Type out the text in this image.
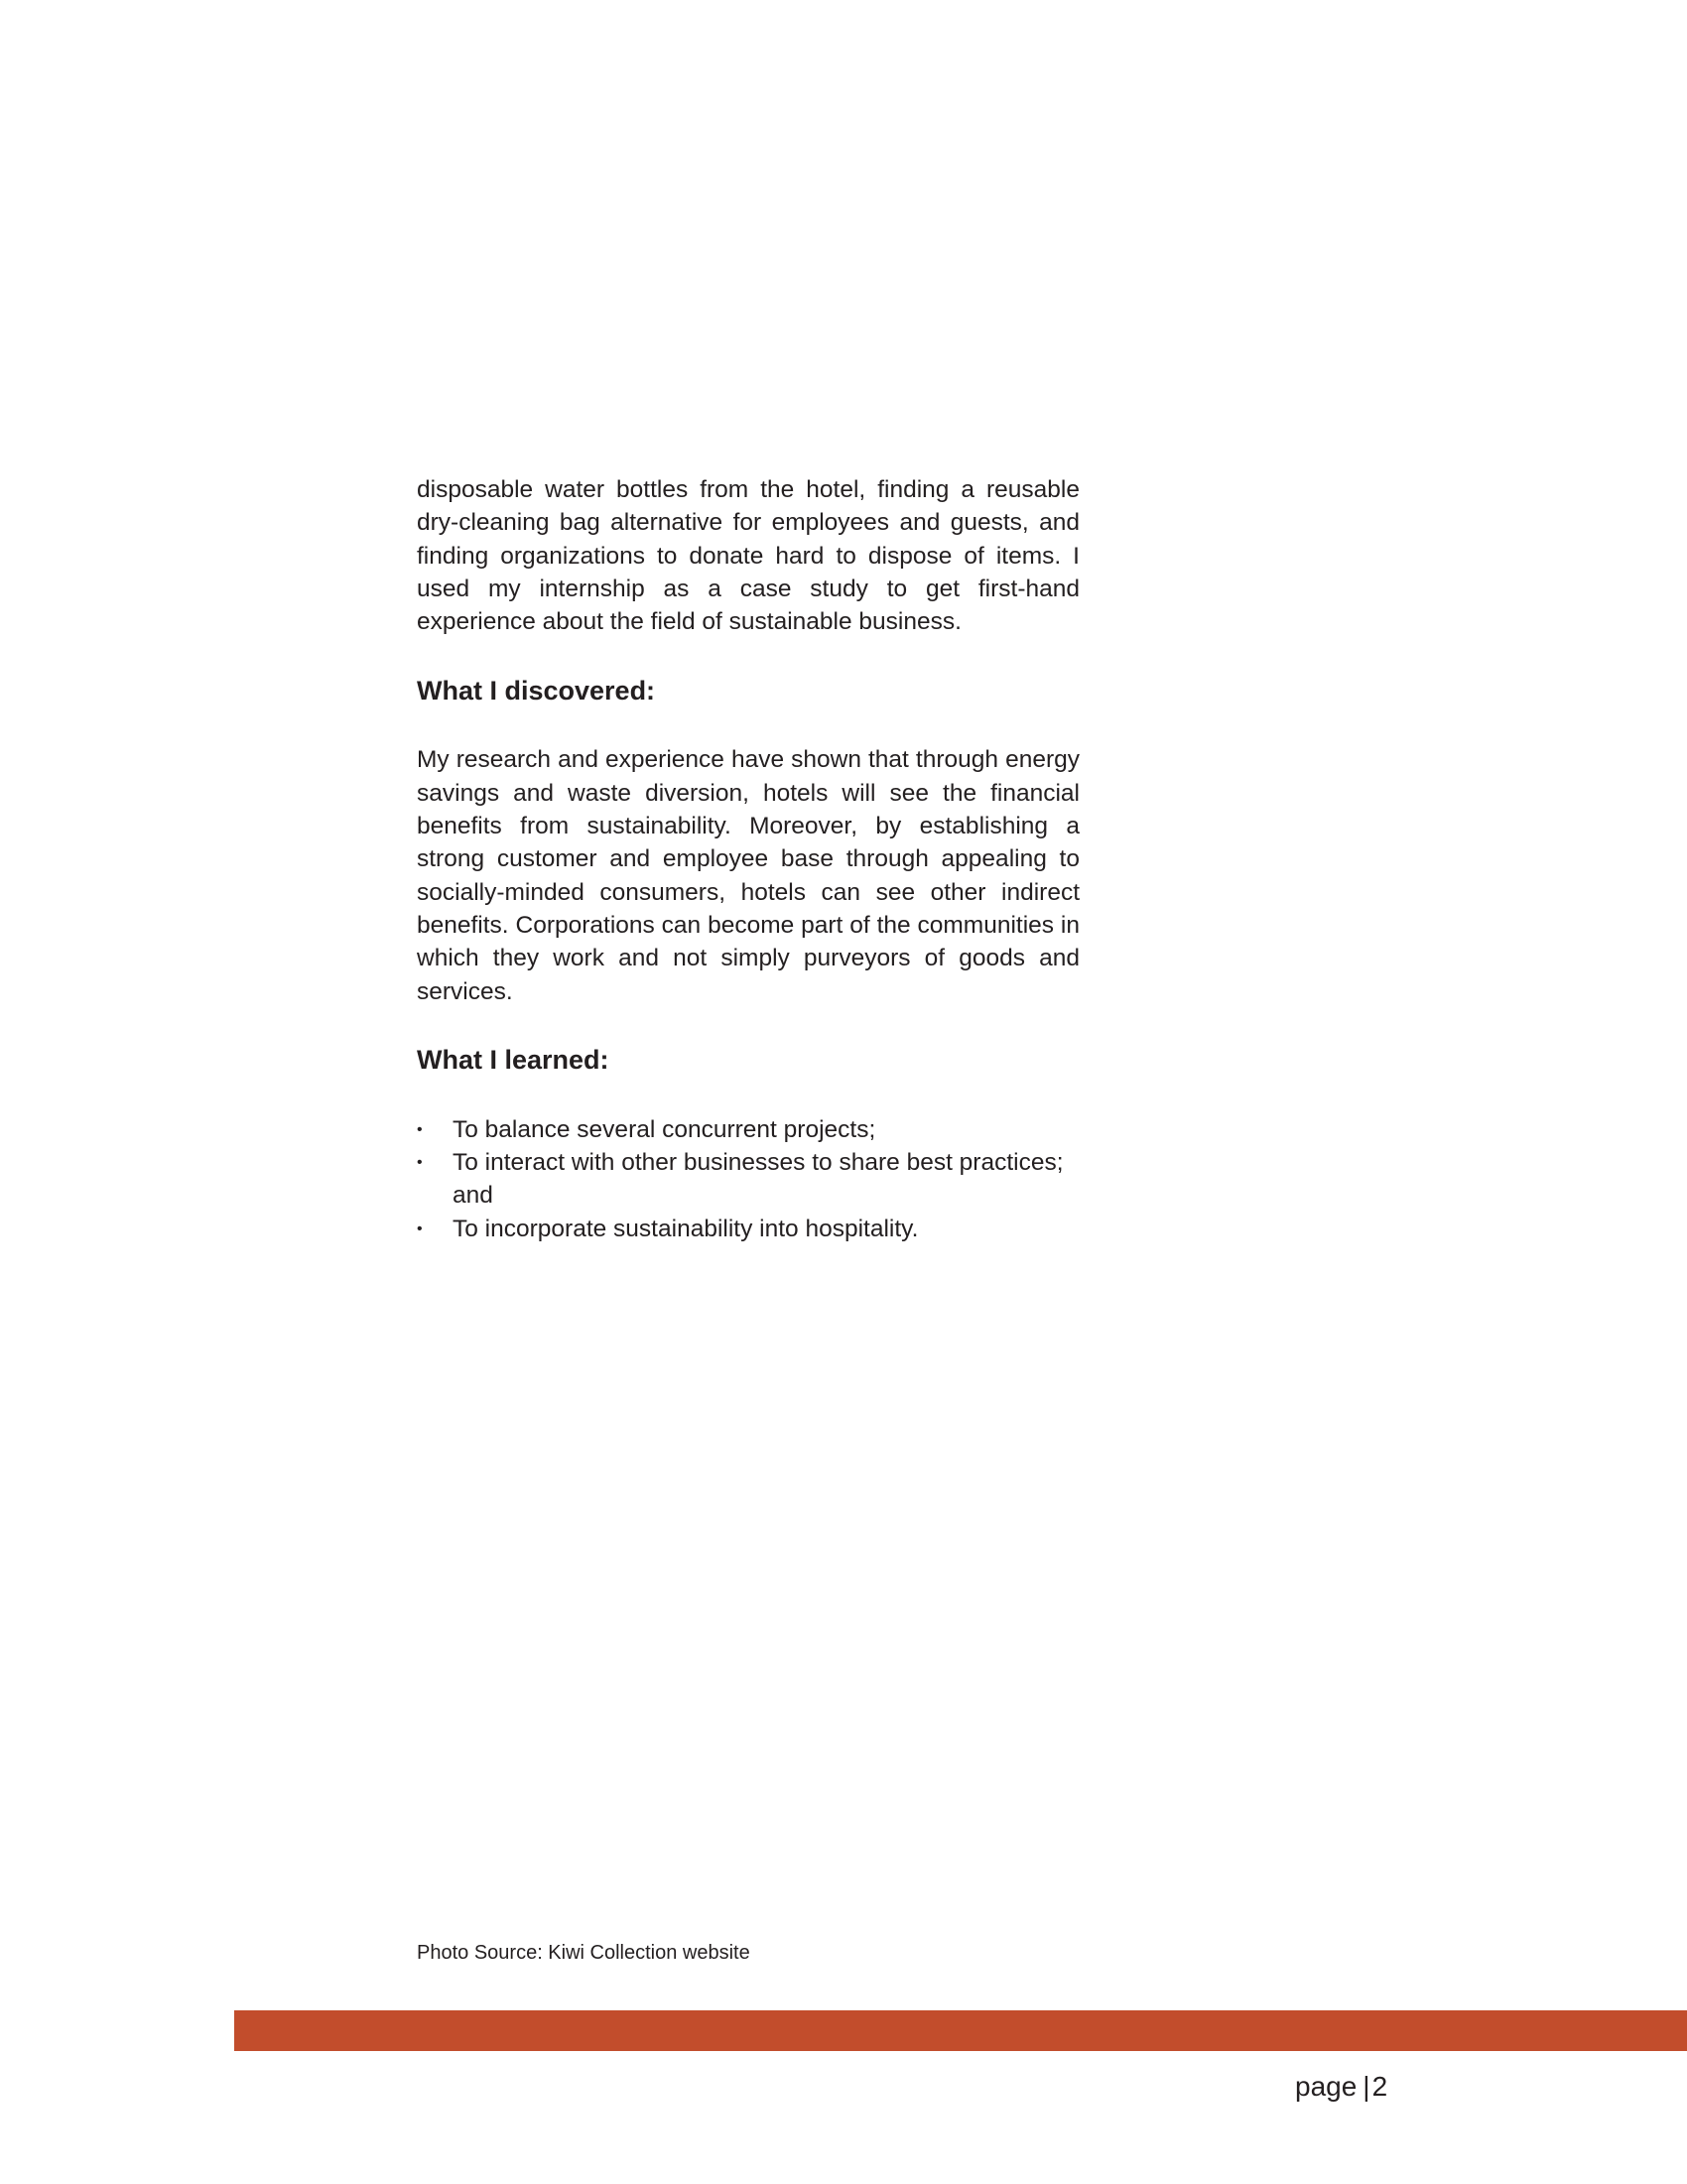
disposable water bottles from the hotel, finding a reusable dry-cleaning bag alternative for employees and guests, and finding organizations to donate hard to dispose of items. I used my internship as a case study to get first-hand experience about the field of sustainable business.

What I discovered:

My research and experience have shown that through energy savings and waste diversion, hotels will see the financial benefits from sustainability. Moreover, by establishing a strong customer and employee base through appealing to socially-minded consumers, hotels can see other indirect benefits. Corporations can become part of the communities in which they work and not simply purveyors of goods and services.

What I learned:
• To balance several concurrent projects;
• To interact with other businesses to share best practices; and
• To incorporate sustainability into hospitality.
Photo Source: Kiwi Collection website
page |2
